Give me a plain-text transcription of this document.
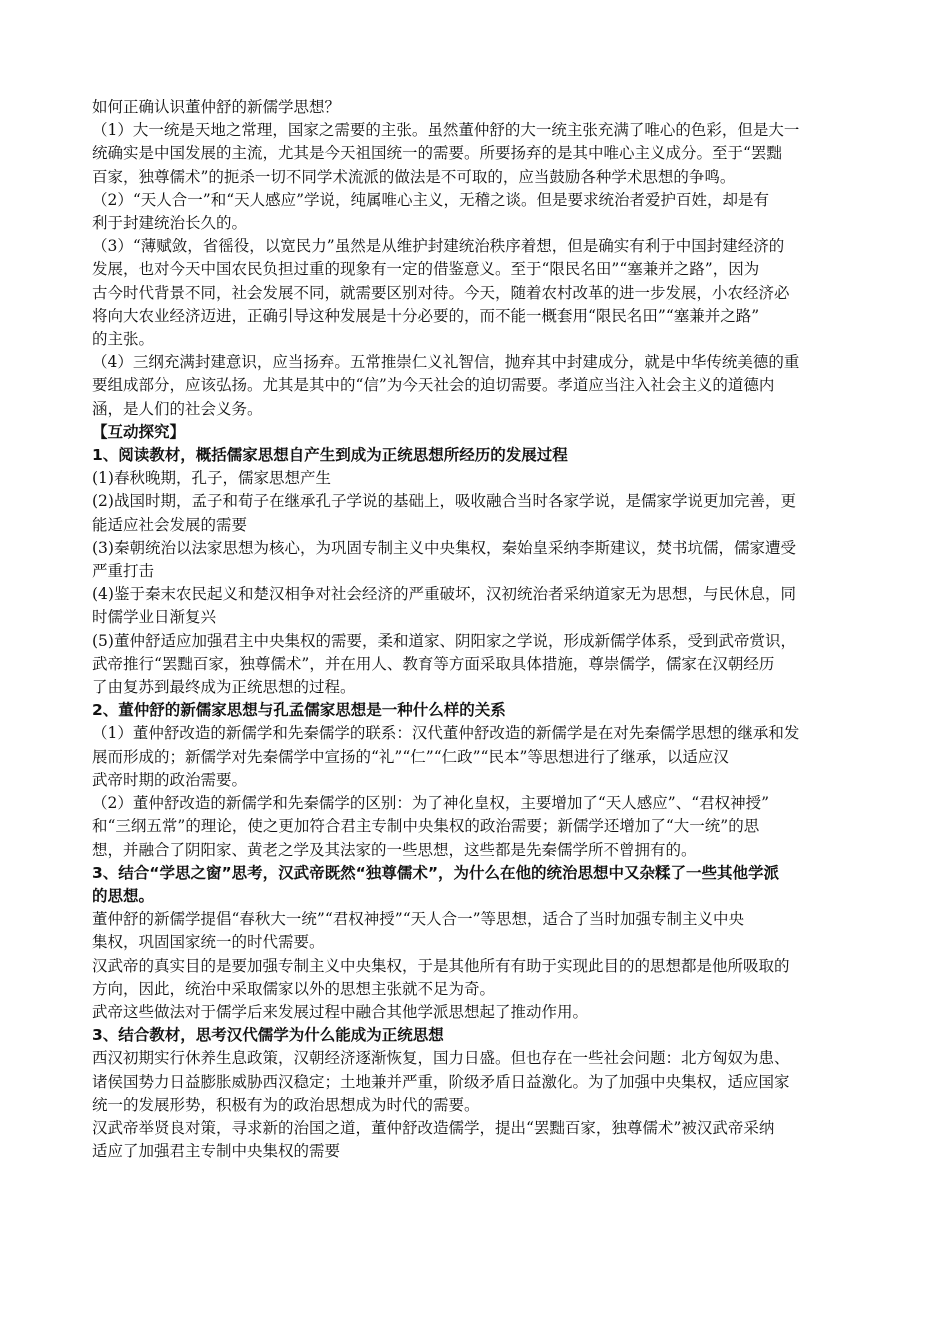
如何正确认识董仲舒的新儒学思想？
（1）大一统是天地之常理，国家之需要的主张。虽然董仲舒的大一统主张充满了唯心的色彩，但是大一
统确实是中国发展的主流，尤其是今天祖国统一的需要。所要扬弃的是其中唯心主义成分。至于“罢黜
百家，独尊儒术”的扼杀一切不同学术流派的做法是不可取的，应当鼓励各种学术思想的争鸣。
（2）“天人合一”和“天人感应”学说，纯属唯心主义，无稽之谈。但是要求统治者爱护百姓，却是有
利于封建统治长久的。
（3）“薄赋敛，省徭役，以宽民力”虽然是从维护封建统治秩序着想，但是确实有利于中国封建经济的
发展，也对今天中国农民负担过重的现象有一定的借鉴意义。至于“限民名田”“塞兼并之路”，因为
古今时代背景不同，社会发展不同，就需要区别对待。今天，随着农村改革的进一步发展，小农经济必
将向大农业经济迈进，正确引导这种发展是十分必要的，而不能一概套用“限民名田”“塞兼并之路”
的主张。
（4）三纲充满封建意识，应当扬弃。五常推崇仁义礼智信，抛弃其中封建成分，就是中华传统美德的重
要组成部分，应该弘扬。尤其是其中的“信”为今天社会的迫切需要。孝道应当注入社会主义的道德内
涵，是人们的社会义务。
【互动探究】
1、阅读教材，概括儒家思想自产生到成为正统思想所经历的发展过程
(1)春秋晚期，孔子，儒家思想产生
(2)战国时期，孟子和荀子在继承孔子学说的基础上，吸收融合当时各家学说，是儒家学说更加完善，更
能适应社会发展的需要
(3)秦朝统治以法家思想为核心，为巩固专制主义中央集权，秦始皇采纳李斯建议，焚书坑儒，儒家遭受
严重打击
(4)鉴于秦末农民起义和楚汉相争对社会经济的严重破坏，汉初统治者采纳道家无为思想，与民休息，同
时儒学业日渐复兴
(5)董仲舒适应加强君主中央集权的需要，柔和道家、阴阳家之学说，形成新儒学体系，受到武帝赏识，
武帝推行“罢黜百家，独尊儒术”，并在用人、教育等方面采取具体措施，尊崇儒学，儒家在汉朝经历
了由复苏到最终成为正统思想的过程。
2、董仲舒的新儒家思想与孔孟儒家思想是一种什么样的关系
（1）董仲舒改造的新儒学和先秦儒学的联系：汉代董仲舒改造的新儒学是在对先秦儒学思想的继承和发
展而形成的；新儒学对先秦儒学中宣扬的“礼”“仁”“仁政”“民本”等思想进行了继承，以适应汉
武帝时期的政治需要。
（2）董仲舒改造的新儒学和先秦儒学的区别：为了神化皇权，主要增加了“天人感应”、“君权神授”
和“三纲五常”的理论，使之更加符合君主专制中央集权的政治需要；新儒学还增加了“大一统”的思
想，并融合了阴阳家、黄老之学及其法家的一些思想，这些都是先秦儒学所不曾拥有的。
3、结合“学思之窗”思考，汉武帝既然“独尊儒术”，为什么在他的统治思想中又杂糅了一些其他学派
的思想。
董仲舒的新儒学提倡“春秋大一统”“君权神授”“天人合一”等思想，适合了当时加强专制主义中央
集权，巩固国家统一的时代需要。
汉武帝的真实目的是要加强专制主义中央集权，于是其他所有有助于实现此目的的思想都是他所吸取的
方向，因此，统治中采取儒家以外的思想主张就不足为奇。
武帝这些做法对于儒学后来发展过程中融合其他学派思想起了推动作用。
3、结合教材，思考汉代儒学为什么能成为正统思想
西汉初期实行休养生息政策，汉朝经济逐渐恢复，国力日盛。但也存在一些社会问题：北方匈奴为患、
诸侯国势力日益膨胀威胁西汉稳定；土地兼并严重，阶级矛盾日益激化。为了加强中央集权，适应国家
统一的发展形势，积极有为的政治思想成为时代的需要。
汉武帝举贤良对策，寻求新的治国之道，董仲舒改造儒学，提出“罢黜百家，独尊儒术”被汉武帝采纳
适应了加强君主专制中央集权的需要
